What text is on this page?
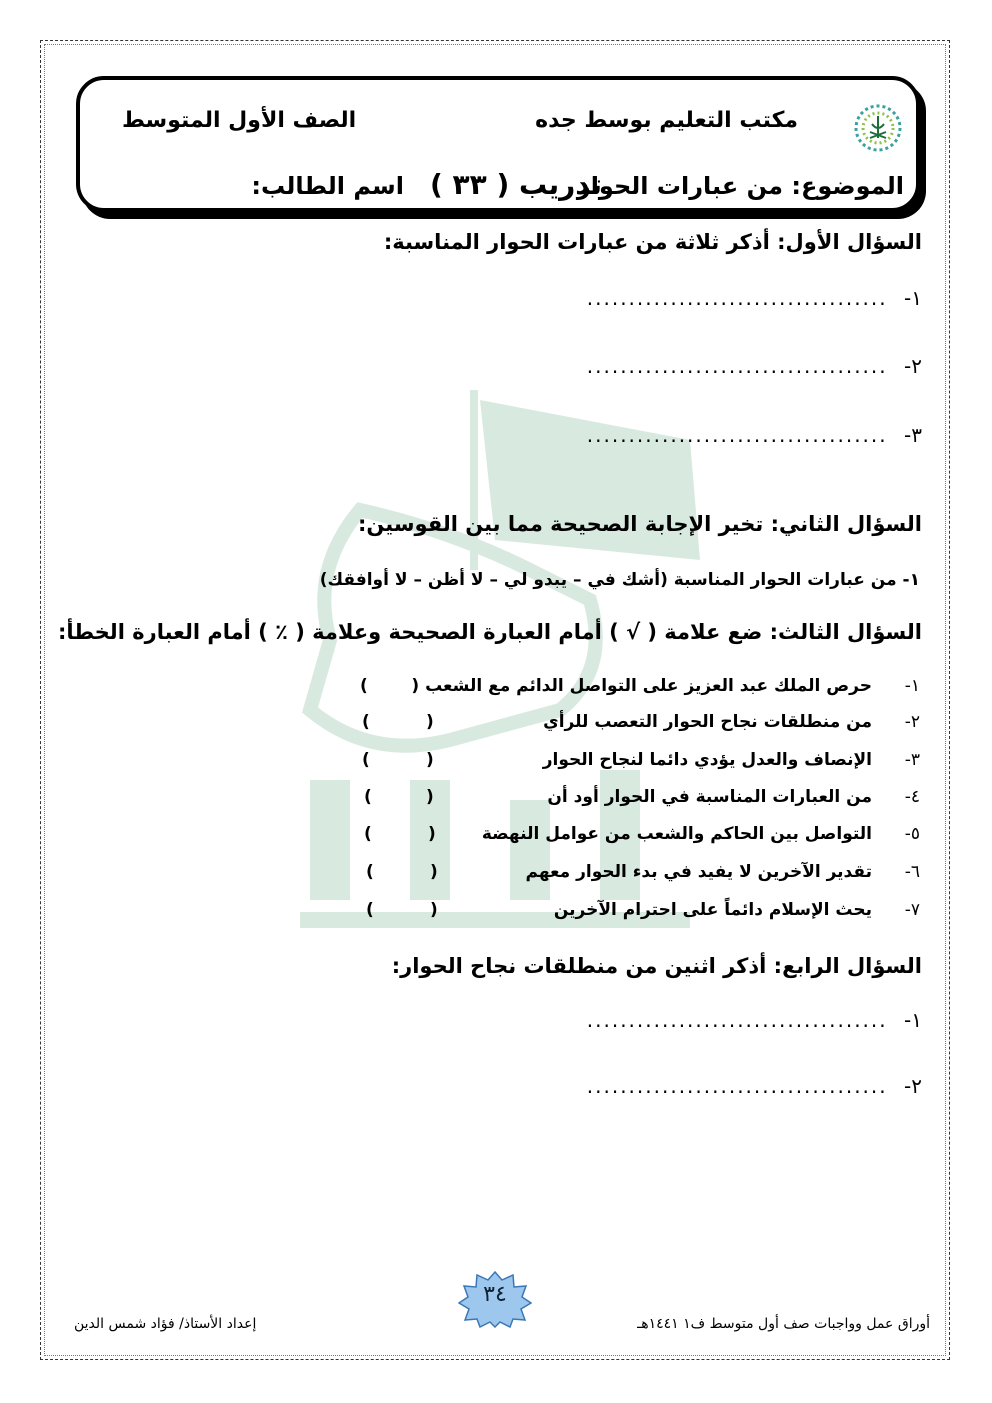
مكتب التعليم بوسط جده
الصف الأول المتوسط
الموضوع: من عبارات الحوار
تدريب ( ٣٣ )
اسم الطالب:
السؤال الأول: أذكر ثلاثة من عبارات الحوار المناسبة:
١- ....................................
٢- ....................................
٣- ....................................
السؤال الثاني: تخير الإجابة الصحيحة مما بين القوسين:
١- من عبارات الحوار المناسبة (أشك في – يبدو لي – لا أظن – لا أوافقك)
السؤال الثالث: ضع علامة ( √ ) أمام العبارة الصحيحة وعلامة ( ٪ ) أمام العبارة الخطأ:
١-
حرص الملك عبد العزيز على التواصل الدائم مع الشعب (
)
٢-
من منطلقات نجاح الحوار التعصب للرأي
(
)
٣-
الإنصاف والعدل يؤدي دائما لنجاح الحوار
(
)
٤-
من العبارات المناسبة في الحوار أود أن
(
)
٥-
التواصل بين الحاكم والشعب من عوامل النهضة
(
)
٦-
تقدير الآخرين لا يفيد في بدء الحوار معهم
(
)
٧-
يحث الإسلام دائماً على احترام الآخرين
(
)
السؤال الرابع: أذكر اثنين من منطلقات نجاح الحوار:
١- ....................................
٢- ....................................
٣٤
إعداد الأستاذ/ فؤاد شمس الدين	أوراق عمل وواجبات صف أول متوسط ف١ ١٤٤١هـ
